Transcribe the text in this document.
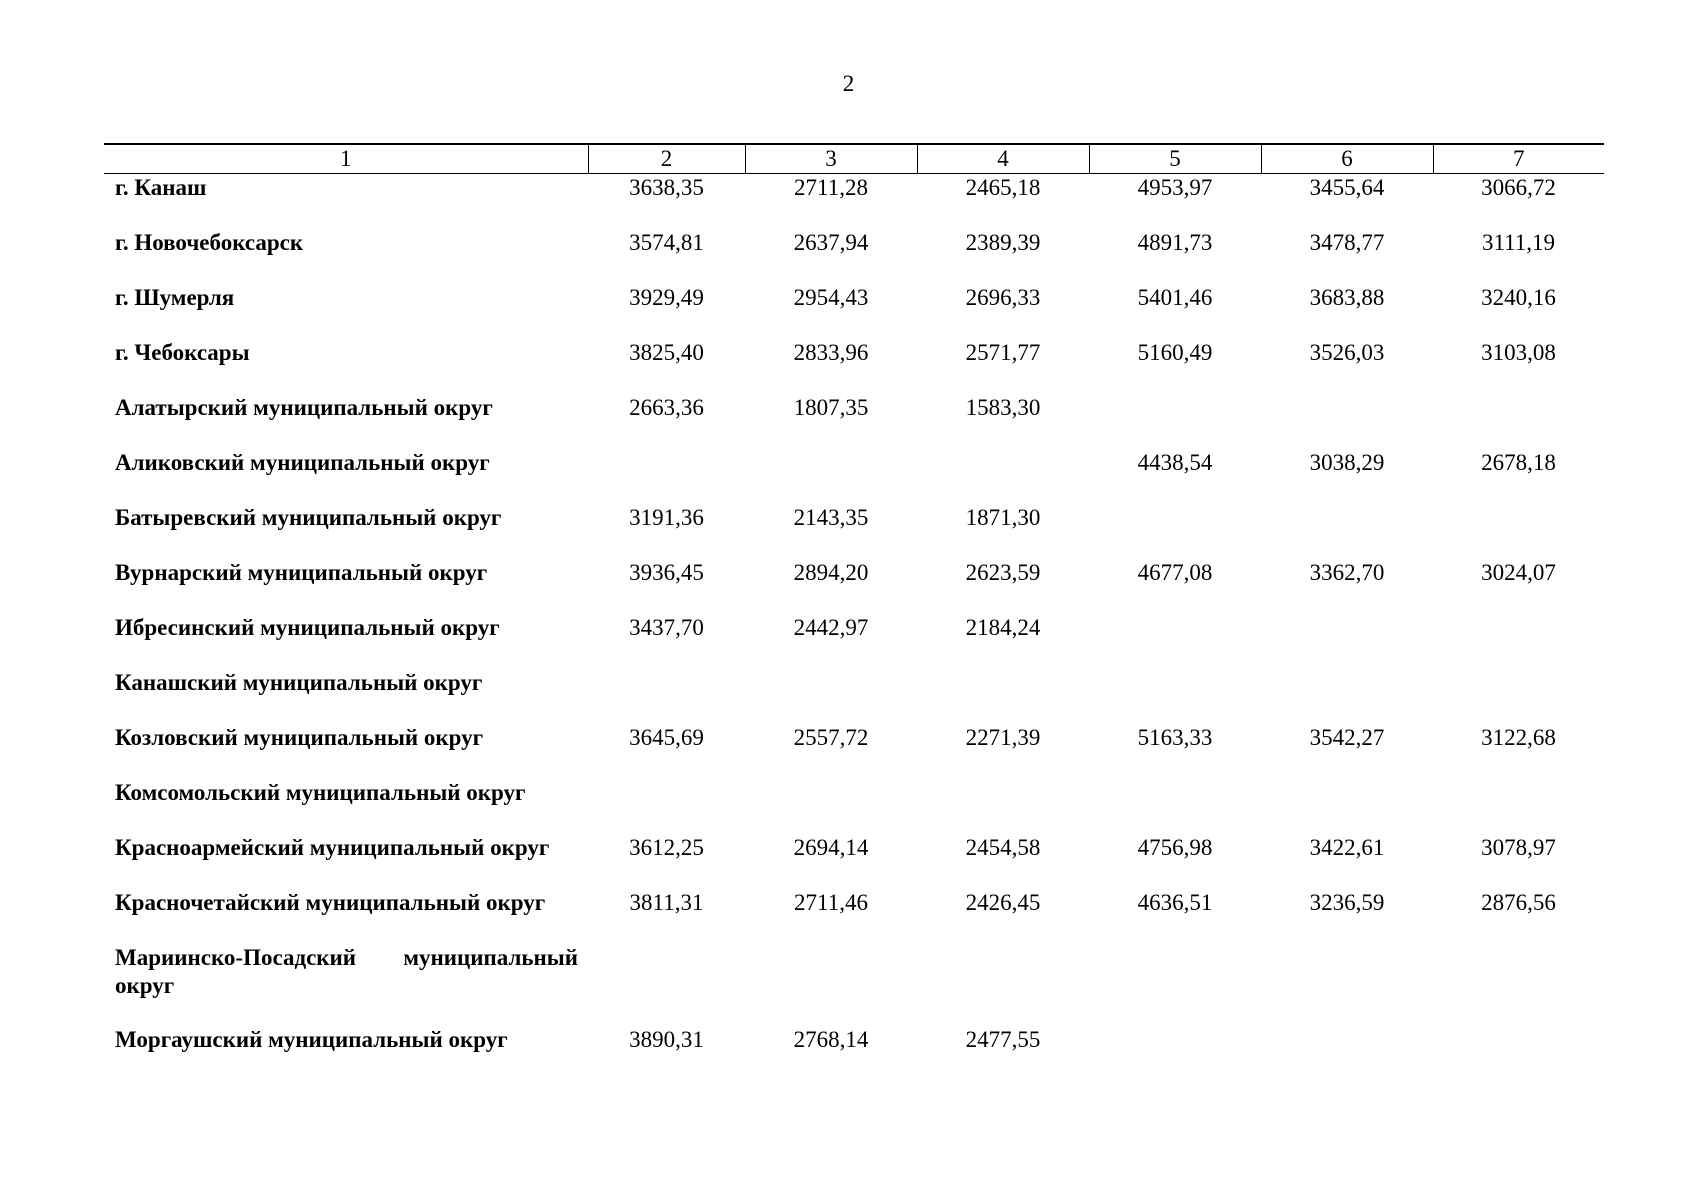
2
1	2	3	4	5	6	7
г. Канаш	3638,35	2711,28	2465,18	4953,97	3455,64	3066,72
г. Новочебоксарск	3574,81	2637,94	2389,39	4891,73	3478,77	3111,19
г. Шумерля	3929,49	2954,43	2696,33	5401,46	3683,88	3240,16
г. Чебоксары	3825,40	2833,96	2571,77	5160,49	3526,03	3103,08
Алатырский муниципальный округ	2663,36	1807,35	1583,30			
Аликовский муниципальный округ				4438,54	3038,29	2678,18
Батыревский муниципальный округ	3191,36	2143,35	1871,30			
Вурнарский муниципальный округ	3936,45	2894,20	2623,59	4677,08	3362,70	3024,07
Ибресинский муниципальный округ	3437,70	2442,97	2184,24			
Канашский муниципальный округ						
Козловский муниципальный округ	3645,69	2557,72	2271,39	5163,33	3542,27	3122,68
Комсомольский муниципальный округ						
Красноармейский муниципальный округ	3612,25	2694,14	2454,58	4756,98	3422,61	3078,97
Красночетайский муниципальный округ	3811,31	2711,46	2426,45	4636,51	3236,59	2876,56
Мариинско-Посадский муниципальный округ						
Моргаушский муниципальный округ	3890,31	2768,14	2477,55			
